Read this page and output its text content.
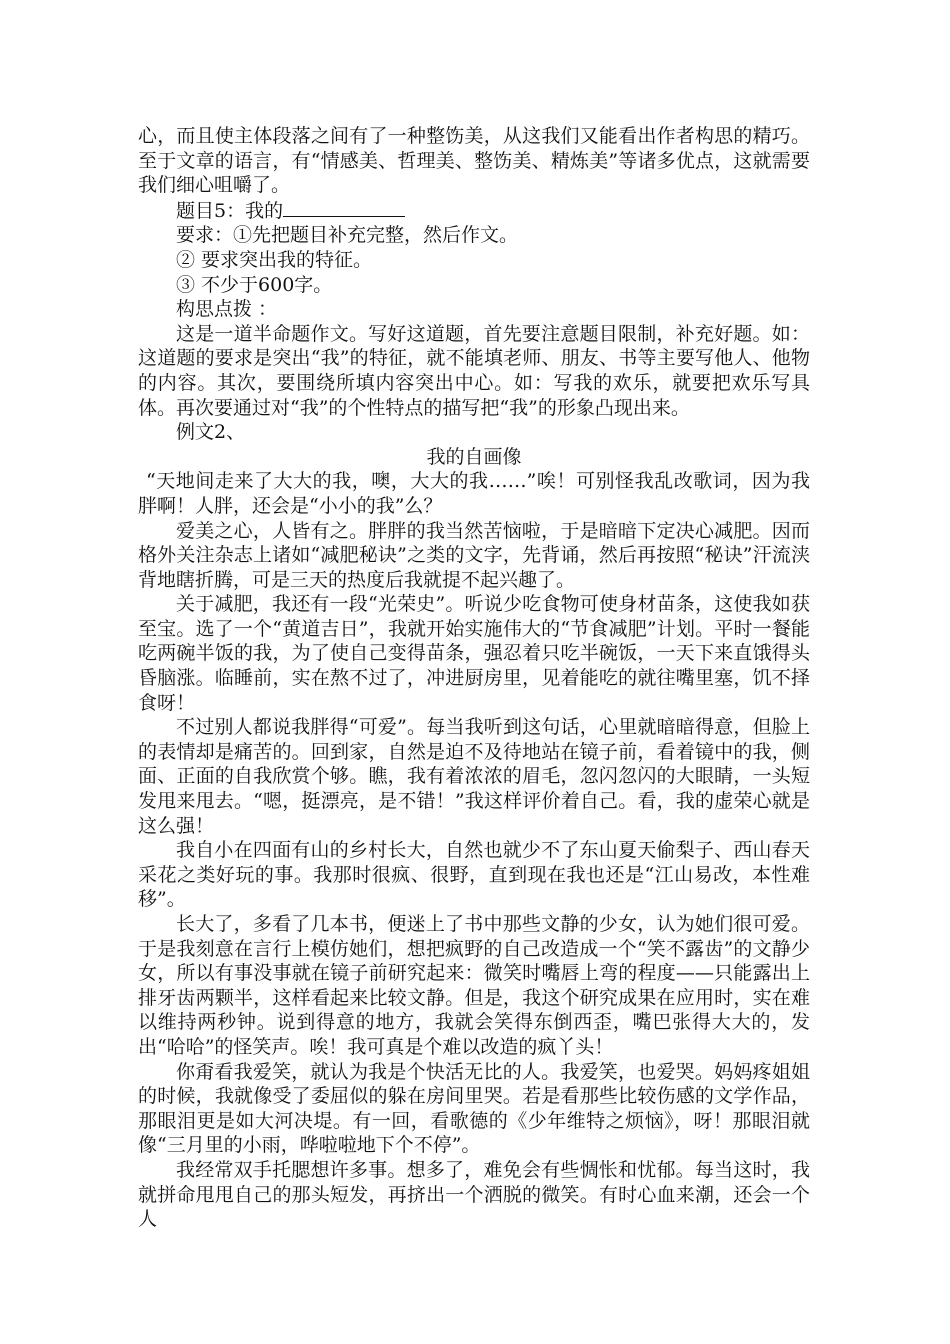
心，而且使主体段落之间有了一种整饬美，从这我们又能看出作者构思的精巧。至于文章的语言，有“情感美、哲理美、整饬美、精炼美”等诸多优点，这就需要我们细心咀嚼了。

题目5：我的

要求：①先把题目补充完整，然后作文。

② 要求突出我的特征。

③ 不少于600字。

构思点拨 ：

这是一道半命题作文。写好这道题，首先要注意题目限制，补充好题。如：这道题的要求是突出“我”的特征，就不能填老师、朋友、书等主要写他人、他物的内容。其次，要围绕所填内容突出中心。如：写我的欢乐，就要把欢乐写具体。再次要通过对“我”的个性特点的描写把“我”的形象凸现出来。

例文2、

我的自画像

“天地间走来了大大的我，噢，大大的我……”唉！可别怪我乱改歌词，因为我胖啊！人胖，还会是“小小的我”么？

爱美之心，人皆有之。胖胖的我当然苦恼啦，于是暗暗下定决心减肥。因而格外关注杂志上诸如“减肥秘诀”之类的文字，先背诵，然后再按照“秘诀”汗流浃背地瞎折腾，可是三天的热度后我就提不起兴趣了。

关于减肥，我还有一段“光荣史”。听说少吃食物可使身材苗条，这使我如获至宝。选了一个“黄道吉日”，我就开始实施伟大的“节食减肥”计划。平时一餐能吃两碗半饭的我，为了使自己变得苗条，强忍着只吃半碗饭，一天下来直饿得头昏脑涨。临睡前，实在熬不过了，冲进厨房里，见着能吃的就往嘴里塞，饥不择食呀！

不过别人都说我胖得“可爱”。每当我听到这句话，心里就暗暗得意，但脸上的表情却是痛苦的。回到家，自然是迫不及待地站在镜子前，看着镜中的我，侧面、正面的自我欣赏个够。瞧，我有着浓浓的眉毛，忽闪忽闪的大眼睛，一头短发甩来甩去。“嗯，挺漂亮，是不错！”我这样评价着自己。看，我的虚荣心就是这么强！

我自小在四面有山的乡村长大，自然也就少不了东山夏天偷梨子、西山春天采花之类好玩的事。我那时很疯、很野，直到现在我也还是“江山易改，本性难移”。

长大了，多看了几本书，便迷上了书中那些文静的少女，认为她们很可爱。于是我刻意在言行上模仿她们，想把疯野的自己改造成一个“笑不露齿”的文静少女，所以有事没事就在镜子前研究起来：微笑时嘴唇上弯的程度——只能露出上排牙齿两颗半，这样看起来比较文静。但是，我这个研究成果在应用时，实在难以维持两秒钟。说到得意的地方，我就会笑得东倒西歪，嘴巴张得大大的，发出“哈哈”的怪笑声。唉！我可真是个难以改造的疯丫头！

你甭看我爱笑，就认为我是个快活无比的人。我爱笑，也爱哭。妈妈疼姐姐的时候，我就像受了委屈似的躲在房间里哭。若是看那些比较伤感的文学作品，那眼泪更是如大河决堤。有一回，看歌德的《少年维特之烦恼》，呀！那眼泪就像“三月里的小雨，哗啦啦地下个不停”。

我经常双手托腮想许多事。想多了，难免会有些惆怅和忧郁。每当这时，我就拼命甩甩自己的那头短发，再挤出一个洒脱的微笑。有时心血来潮，还会一个人
